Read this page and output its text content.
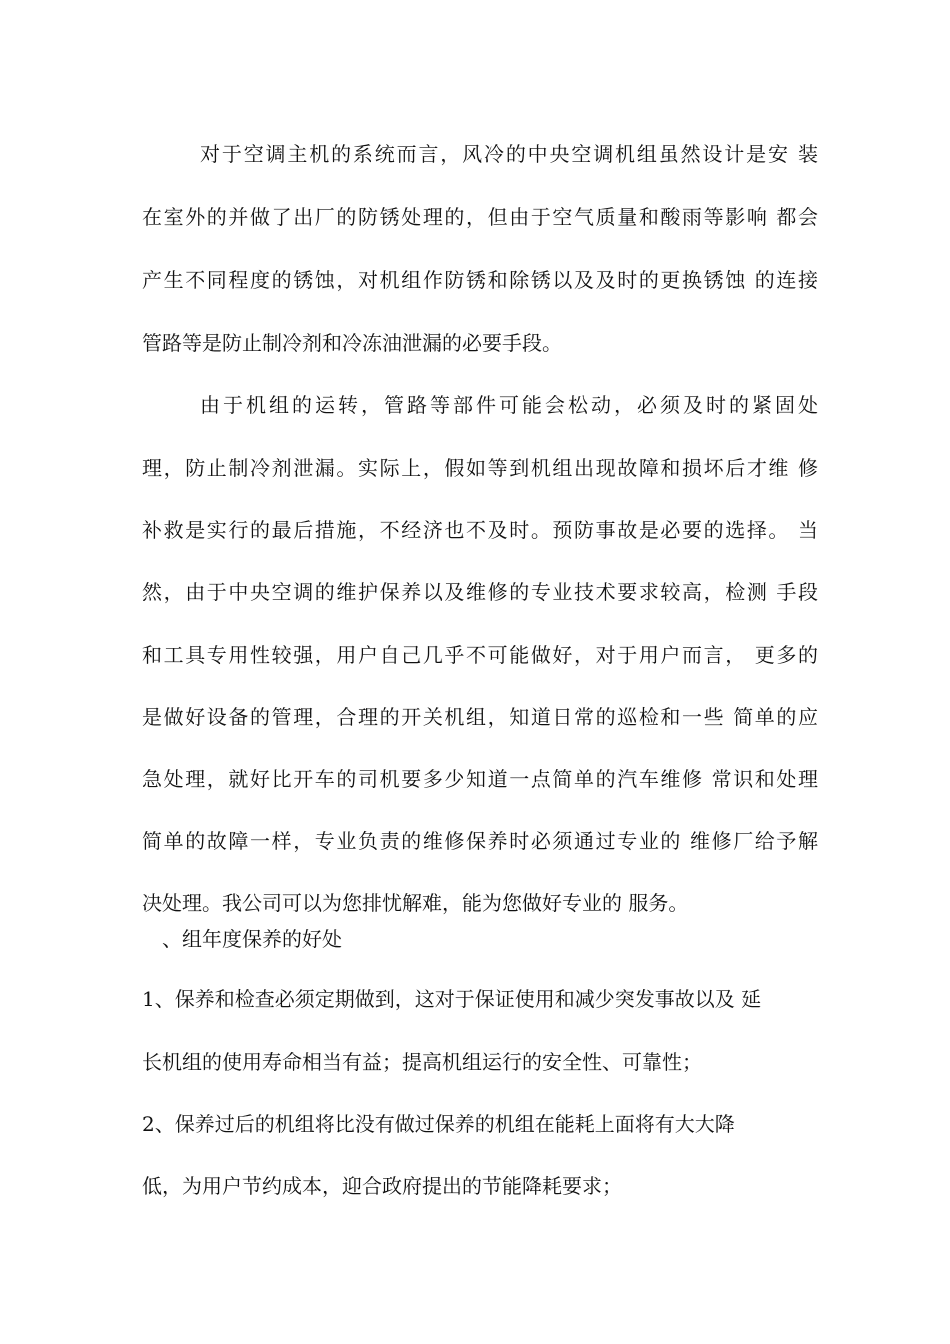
对于空调主机的系统而言，风冷的中央空调机组虽然设计是安 装
在室外的并做了出厂的防锈处理的，但由于空气质量和酸雨等影响 都会
产生不同程度的锈蚀，对机组作防锈和除锈以及及时的更换锈蚀 的连接
管路等是防止制冷剂和冷冻油泄漏的必要手段。
由于机组的运转，管路等部件可能会松动，必须及时的紧固处
理，防止制冷剂泄漏。实际上，假如等到机组出现故障和损坏后才维 修
补救是实行的最后措施，不经济也不及时。预防事故是必要的选择。 当
然，由于中央空调的维护保养以及维修的专业技术要求较高，检测 手段
和工具专用性较强，用户自己几乎不可能做好，对于用户而言， 更多的
是做好设备的管理，合理的开关机组，知道日常的巡检和一些 简单的应
急处理，就好比开车的司机要多少知道一点简单的汽车维修 常识和处理
简单的故障一样，专业负责的维修保养时必须通过专业的 维修厂给予解
决处理。我公司可以为您排忧解难，能为您做好专业的 服务。
、组年度保养的好处
1、保养和检查必须定期做到，这对于保证使用和减少突发事故以及 延
长机组的使用寿命相当有益；提高机组运行的安全性、可靠性；
2、保养过后的机组将比没有做过保养的机组在能耗上面将有大大降
低，为用户节约成本，迎合政府提出的节能降耗要求；
